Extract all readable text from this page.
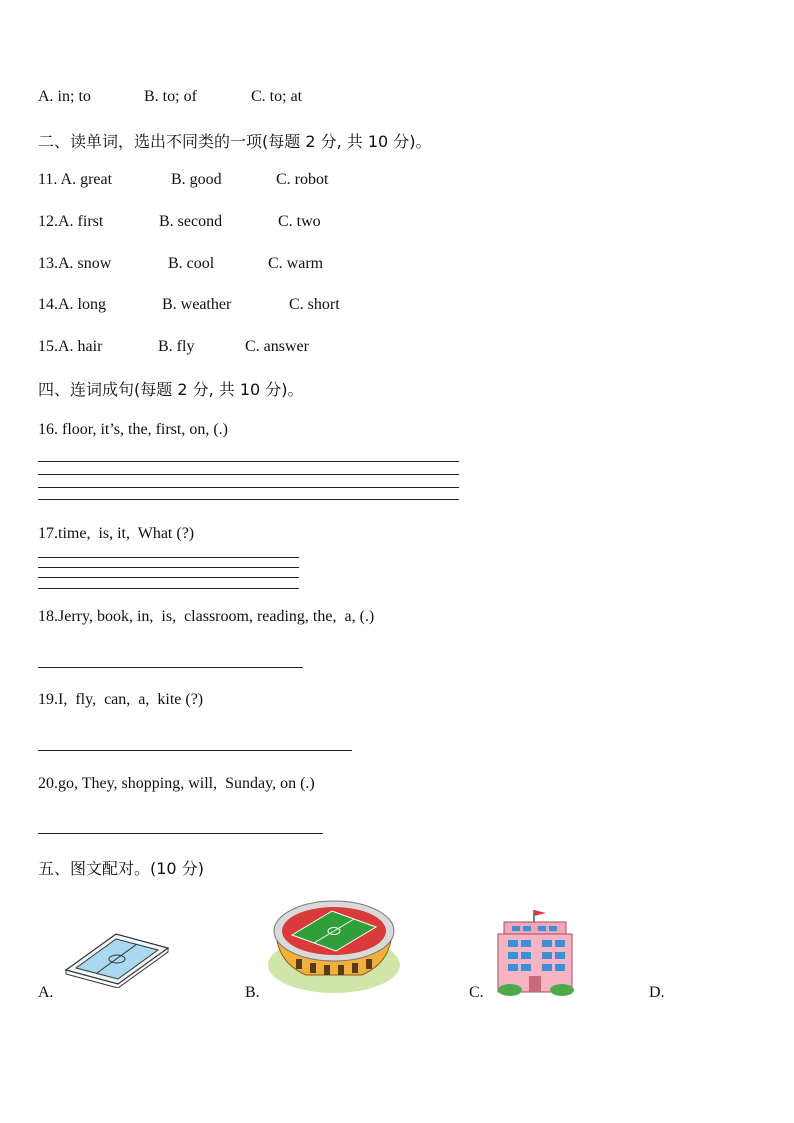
A. in; to	B. to; of	C. to; at
二、读单词，选出不同类的一项(每题 2 分, 共 10 分)。
11. A. great	B. good	C. robot
12.A. first	B. second	C. two
13.A. snow	B. cool	C. warm
14.A. long	B. weather	C. short
15.A. hair	B. fly	C. answer
四、连词成句(每题 2 分, 共 10 分)。
16. floor, it’s, the, first, on, (.)
17.time,  is, it,  What (?)
18.Jerry, book, in,  is,  classroom, reading, the,  a, (.)
19.I,  fly,  can,  a,  kite (?)
20.go, They, shopping, will,  Sunday, on (.)
五、图文配对。(10 分)
A.	B.	C.	D.
